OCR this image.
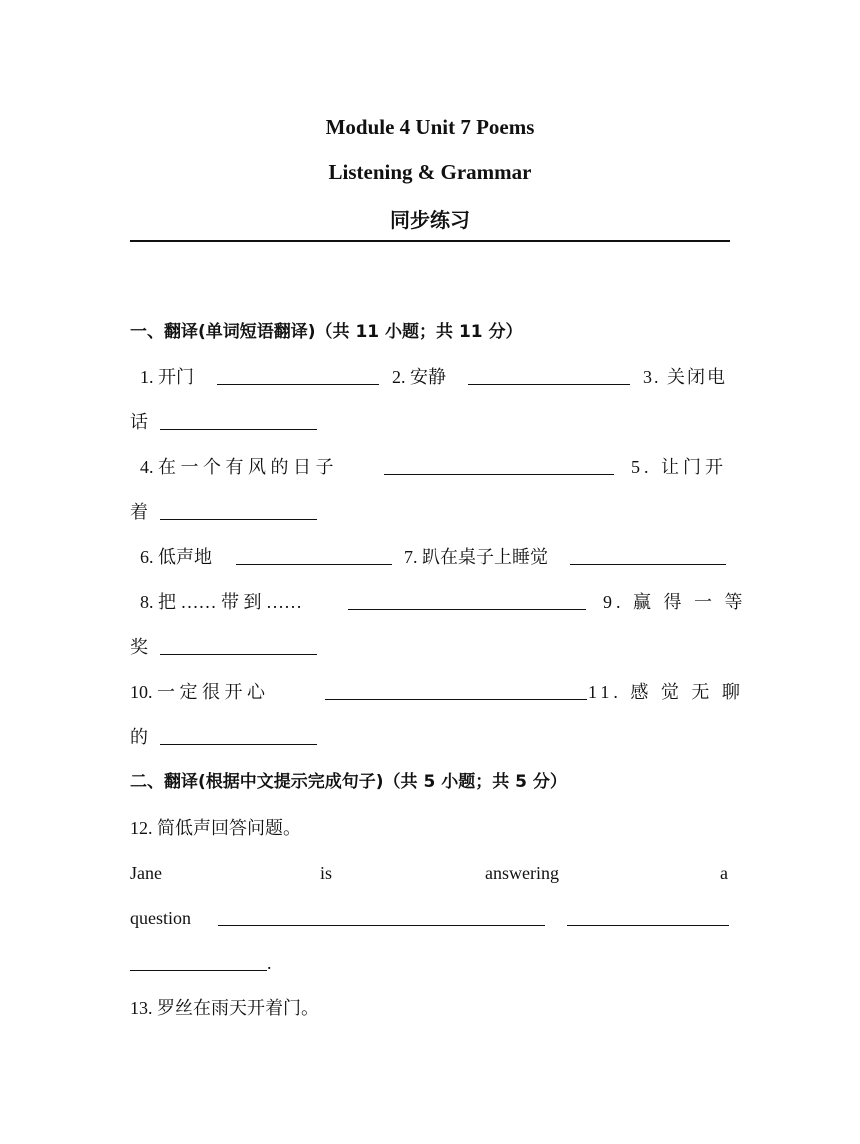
Module 4 Unit 7 Poems
Listening & Grammar
同步练习
一、翻译(单词短语翻译)（共 11 小题；共 11 分）
1. 开门	2. 安静	3. 关闭电
话
4. 在 一 个 有 风 的 日 子	5. 让门开
着
6. 低声地	7. 趴在桌子上睡觉
8. 把 …… 带 到 ……	9. 赢 得 一 等
奖
10. 一 定 很 开 心	11. 感 觉 无 聊
的
二、翻译(根据中文提示完成句子)（共 5 小题；共 5 分）
12. 简低声回答问题。
Jane	is	answering	a
question
.
13. 罗丝在雨天开着门。
